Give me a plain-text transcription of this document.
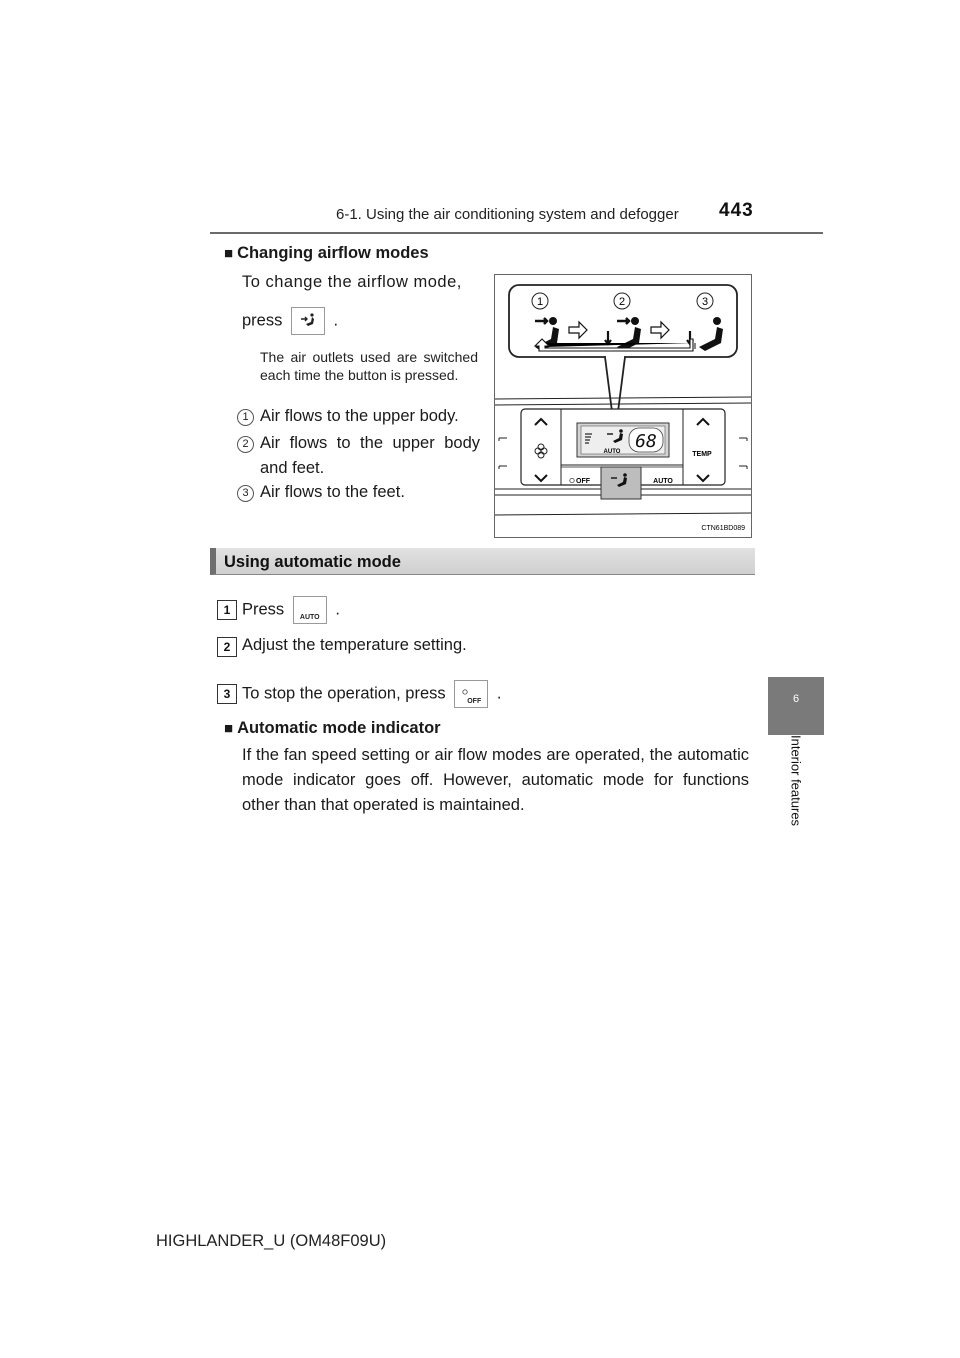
6-1. Using the air conditioning system and defogger 443
6
Interior features
■ Changing airflow modes
To change the airflow mode,
press	.
The air outlets used are switched each time the button is pressed.
1 Air flows to the upper body.
2 Air flows to the upper body and feet.
3 Air flows to the feet.
1	2	3
TEMP
68
AUTO
OFF	AUTO
CTN61BD089
Using automatic mode
1 Press	AUTO .
2 Adjust the temperature setting.
3 To stop the operation, press	OFF .
■ Automatic mode indicator
If the fan speed setting or air flow modes are operated, the automatic mode indicator goes off. However, automatic mode for functions other than that operated is maintained.
HIGHLANDER_U (OM48F09U)
